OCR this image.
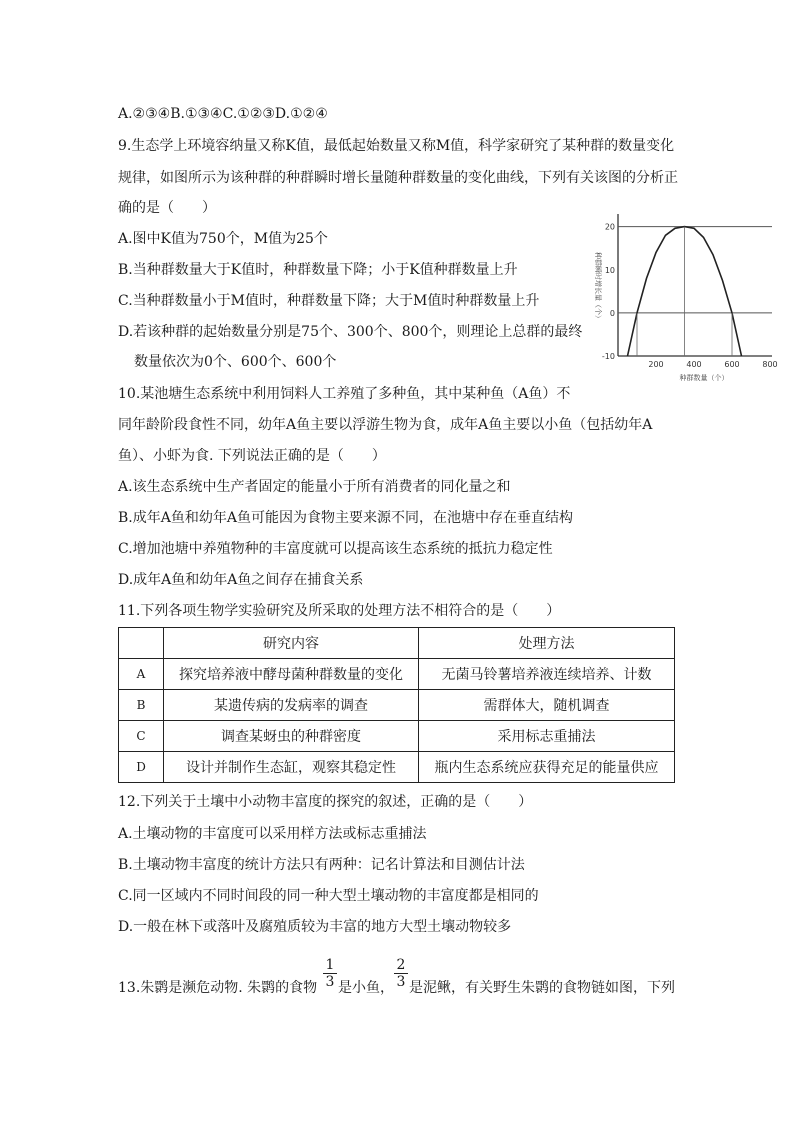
A.②③④B.①③④C.①②③D.①②④
9.生态学上环境容纳量又称K值，最低起始数量又称M值，科学家研究了某种群的数量变化
规律，如图所示为该种群的种群瞬时增长量随种群数量的变化曲线，下列有关该图的分析正
确的是（　　）
A.图中K值为750个，M值为25个
B.当种群数量大于K值时，种群数量下降；小于K值种群数量上升
C.当种群数量小于M值时，种群数量下降；大于M值时种群数量上升
D.若该种群的起始数量分别是75个、300个、800个，则理论上总群的最终
数量依次为0个、600个、600个	200	400	600	800
20
10
0
-10
种群数量（个）
种群瞬时增长量（个）
10.某池塘生态系统中利用饲料人工养殖了多种鱼，其中某种鱼（A鱼）不
同年龄阶段食性不同，幼年A鱼主要以浮游生物为食，成年A鱼主要以小鱼（包括幼年A
鱼）、小虾为食. 下列说法正确的是（　　）
A.该生态系统中生产者固定的能量小于所有消费者的同化量之和
B.成年A鱼和幼年A鱼可能因为食物主要来源不同，在池塘中存在垂直结构
C.增加池塘中养殖物种的丰富度就可以提高该生态系统的抵抗力稳定性
D.成年A鱼和幼年A鱼之间存在捕食关系
11.下列各项生物学实验研究及所采取的处理方法不相符合的是（　　）
	研究内容	处理方法
A	探究培养液中酵母菌种群数量的变化	无菌马铃薯培养液连续培养、计数
B	某遗传病的发病率的调查	需群体大，随机调查
C	调查某蚜虫的种群密度	采用标志重捕法
D	设计并制作生态缸，观察其稳定性	瓶内生态系统应获得充足的能量供应
12.下列关于土壤中小动物丰富度的探究的叙述，正确的是（　　）
A.土壤动物的丰富度可以采用样方法或标志重捕法
B.土壤动物丰富度的统计方法只有两种：记名计算法和目测估计法
C.同一区域内不同时间段的同一种大型土壤动物的丰富度都是相同的
D.一般在林下或落叶及腐殖质较为丰富的地方大型土壤动物较多
13.朱鹮是濒危动物. 朱鹮的食物 $\frac{1}{3}$ 是小鱼， $\frac{2}{3}$ 是泥鳅，有关野生朱鹮的食物链如图，下列
